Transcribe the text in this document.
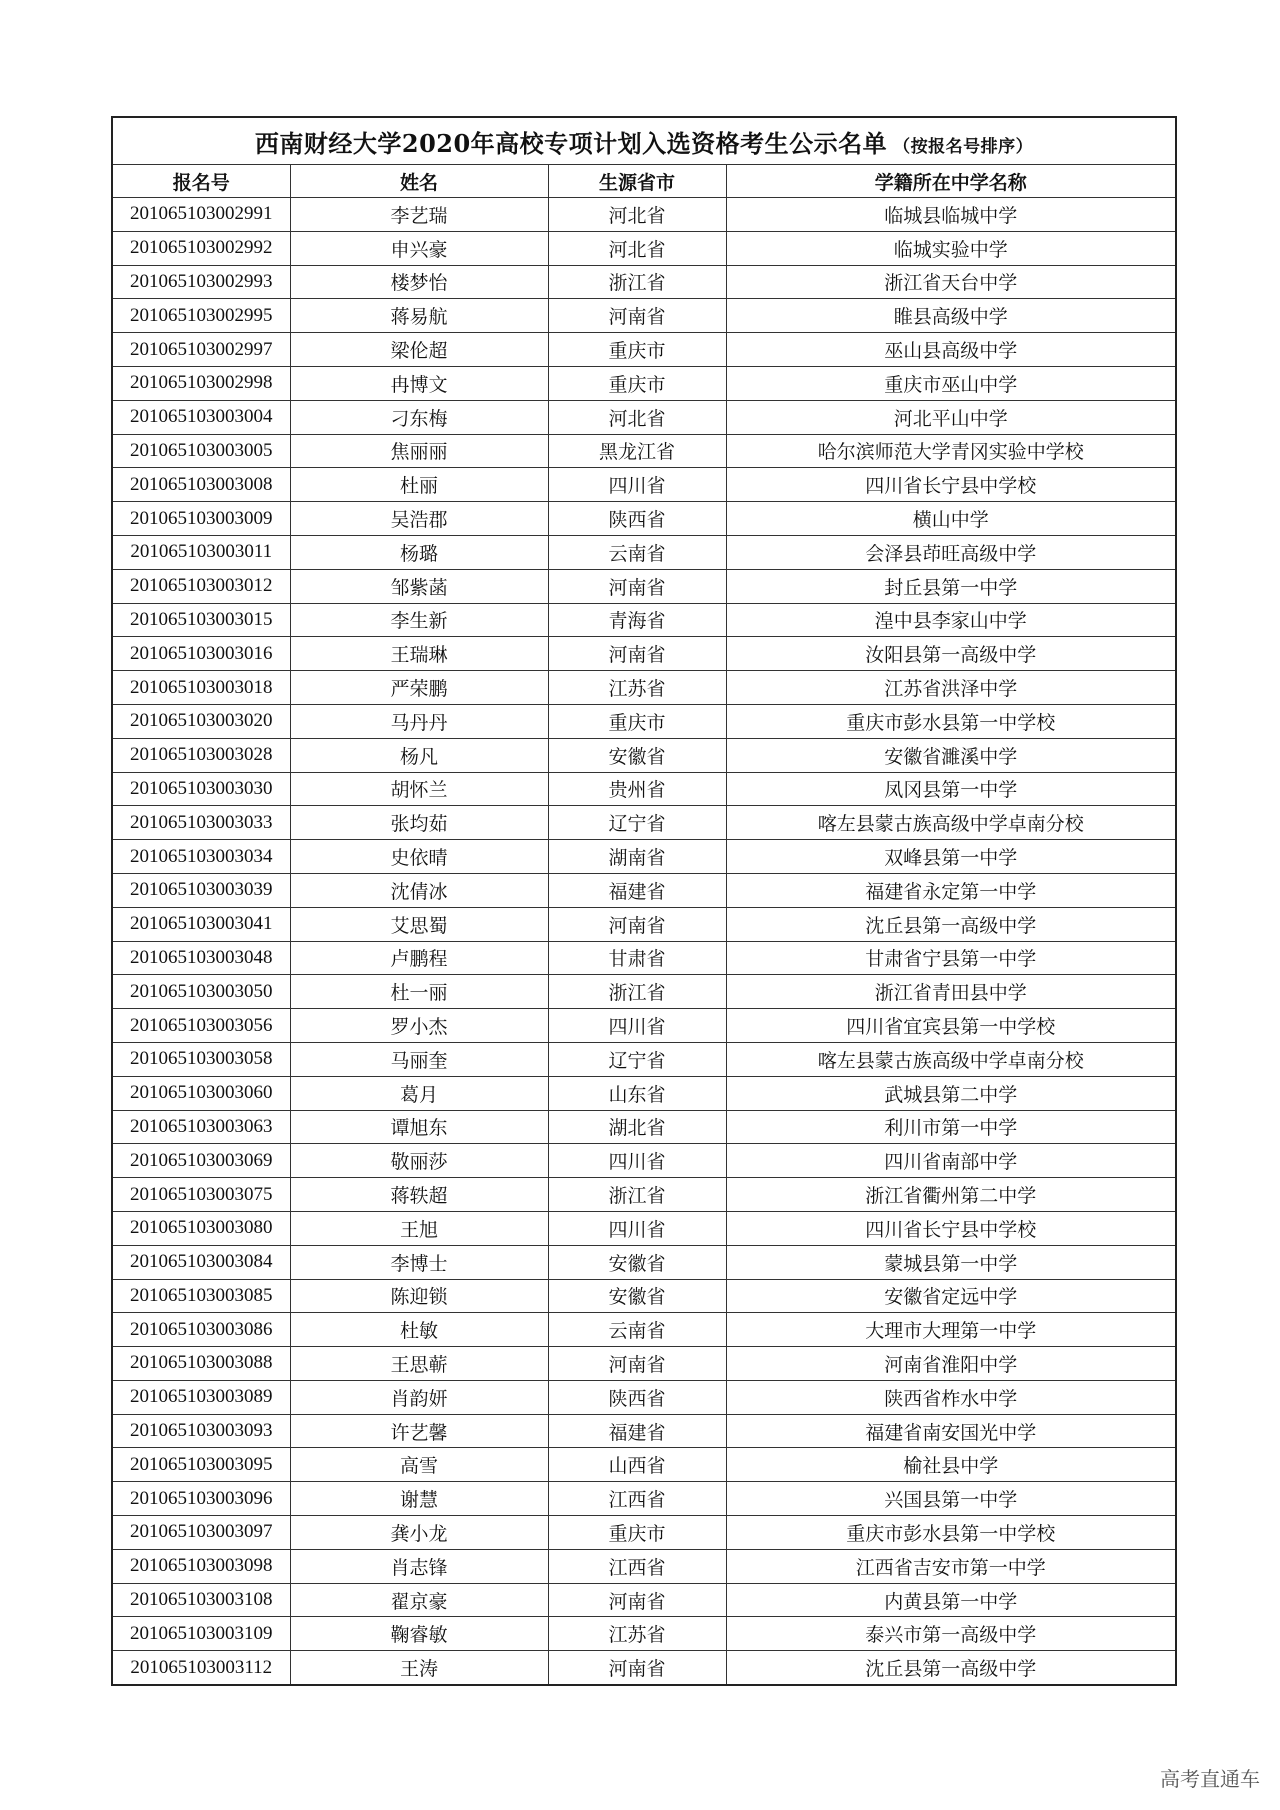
西南财经大学2020年高校专项计划入选资格考生公示名单 （按报名号排序）			
报名号	姓名	生源省市	学籍所在中学名称
201065103002991	李艺瑞	河北省	临城县临城中学
201065103002992	申兴豪	河北省	临城实验中学
201065103002993	楼梦怡	浙江省	浙江省天台中学
201065103002995	蒋易航	河南省	睢县高级中学
201065103002997	梁伦超	重庆市	巫山县高级中学
201065103002998	冉博文	重庆市	重庆市巫山中学
201065103003004	刁东梅	河北省	河北平山中学
201065103003005	焦丽丽	黑龙江省	哈尔滨师范大学青冈实验中学校
201065103003008	杜丽	四川省	四川省长宁县中学校
201065103003009	吴浩郡	陕西省	横山中学
201065103003011	杨璐	云南省	会泽县茚旺高级中学
201065103003012	邹紫菡	河南省	封丘县第一中学
201065103003015	李生新	青海省	湟中县李家山中学
201065103003016	王瑞琳	河南省	汝阳县第一高级中学
201065103003018	严荣鹏	江苏省	江苏省洪泽中学
201065103003020	马丹丹	重庆市	重庆市彭水县第一中学校
201065103003028	杨凡	安徽省	安徽省濉溪中学
201065103003030	胡怀兰	贵州省	凤冈县第一中学
201065103003033	张均茹	辽宁省	喀左县蒙古族高级中学卓南分校
201065103003034	史依晴	湖南省	双峰县第一中学
201065103003039	沈倩冰	福建省	福建省永定第一中学
201065103003041	艾思蜀	河南省	沈丘县第一高级中学
201065103003048	卢鹏程	甘肃省	甘肃省宁县第一中学
201065103003050	杜一丽	浙江省	浙江省青田县中学
201065103003056	罗小杰	四川省	四川省宜宾县第一中学校
201065103003058	马丽奎	辽宁省	喀左县蒙古族高级中学卓南分校
201065103003060	葛月	山东省	武城县第二中学
201065103003063	谭旭东	湖北省	利川市第一中学
201065103003069	敬丽莎	四川省	四川省南部中学
201065103003075	蒋轶超	浙江省	浙江省衢州第二中学
201065103003080	王旭	四川省	四川省长宁县中学校
201065103003084	李博士	安徽省	蒙城县第一中学
201065103003085	陈迎锁	安徽省	安徽省定远中学
201065103003086	杜敏	云南省	大理市大理第一中学
201065103003088	王思蕲	河南省	河南省淮阳中学
201065103003089	肖韵妍	陕西省	陕西省柞水中学
201065103003093	许艺馨	福建省	福建省南安国光中学
201065103003095	高雪	山西省	榆社县中学
201065103003096	谢慧	江西省	兴国县第一中学
201065103003097	龚小龙	重庆市	重庆市彭水县第一中学校
201065103003098	肖志锋	江西省	江西省吉安市第一中学
201065103003108	翟京豪	河南省	内黄县第一中学
201065103003109	鞠睿敏	江苏省	泰兴市第一高级中学
201065103003112	王涛	河南省	沈丘县第一高级中学
高考直通车
